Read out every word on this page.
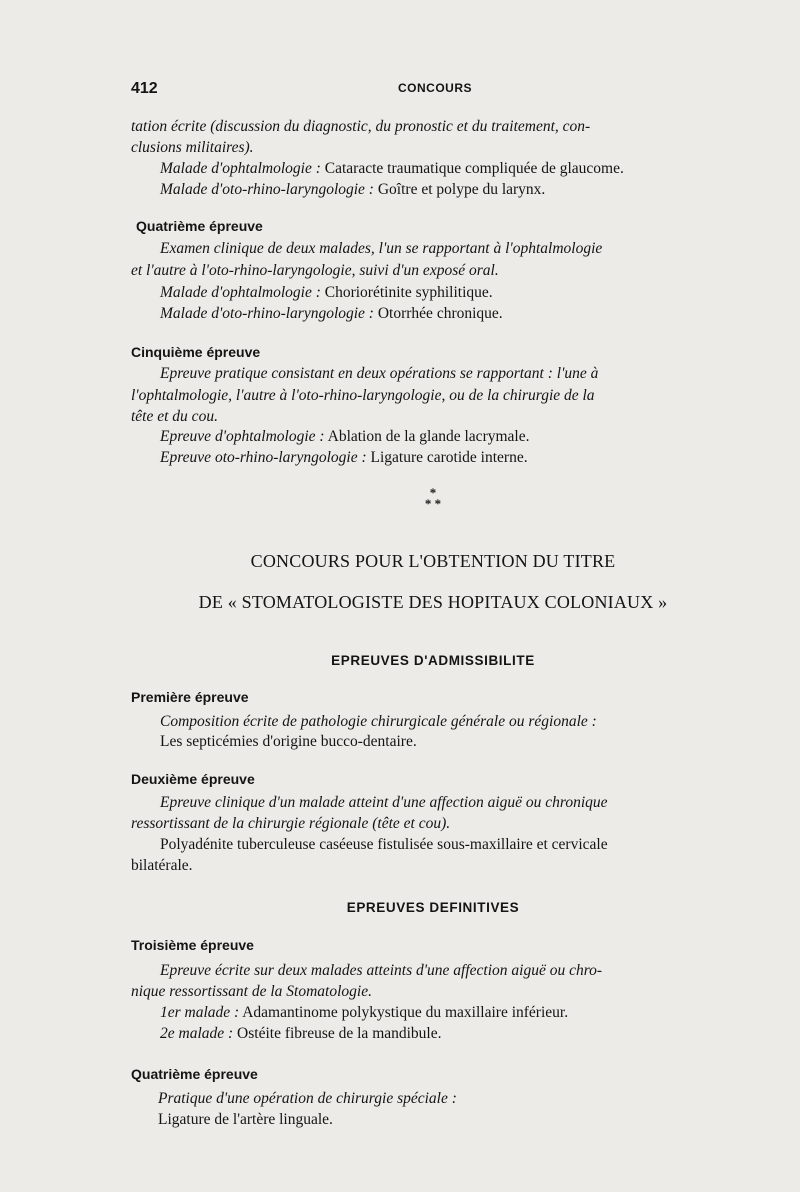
412	CONCOURS
tation écrite (discussion du diagnostic, du pronostic et du traitement, con-
clusions militaires).
Malade d'ophtalmologie : Cataracte traumatique compliquée de glaucome.
Malade d'oto-rhino-laryngologie : Goître et polype du larynx.
Quatrième épreuve
Examen clinique de deux malades, l'un se rapportant à l'ophtalmologie
et l'autre à l'oto-rhino-laryngologie, suivi d'un exposé oral.
Malade d'ophtalmologie : Choriorétinite syphilitique.
Malade d'oto-rhino-laryngologie : Otorrhée chronique.
Cinquième épreuve
Epreuve pratique consistant en deux opérations se rapportant : l'une à
l'ophtalmologie, l'autre à l'oto-rhino-laryngologie, ou de la chirurgie de la
tête et du cou.
Epreuve d'ophtalmologie : Ablation de la glande lacrymale.
Epreuve oto-rhino-laryngologie : Ligature carotide interne.
*
* *
CONCOURS POUR L'OBTENTION DU TITRE
DE « STOMATOLOGISTE DES HOPITAUX COLONIAUX »
EPREUVES D'ADMISSIBILITE
Première épreuve
Composition écrite de pathologie chirurgicale générale ou régionale :
Les septicémies d'origine bucco-dentaire.
Deuxième épreuve
Epreuve clinique d'un malade atteint d'une affection aiguë ou chronique
ressortissant de la chirurgie régionale (tête et cou).
Polyadénite tuberculeuse caséeuse fistulisée sous-maxillaire et cervicale
bilatérale.
EPREUVES DEFINITIVES
Troisième épreuve
Epreuve écrite sur deux malades atteints d'une affection aiguë ou chro-
nique ressortissant de la Stomatologie.
1er malade : Adamantinome polykystique du maxillaire inférieur.
2e malade : Ostéite fibreuse de la mandibule.
Quatrième épreuve
Pratique d'une opération de chirurgie spéciale :
Ligature de l'artère linguale.
